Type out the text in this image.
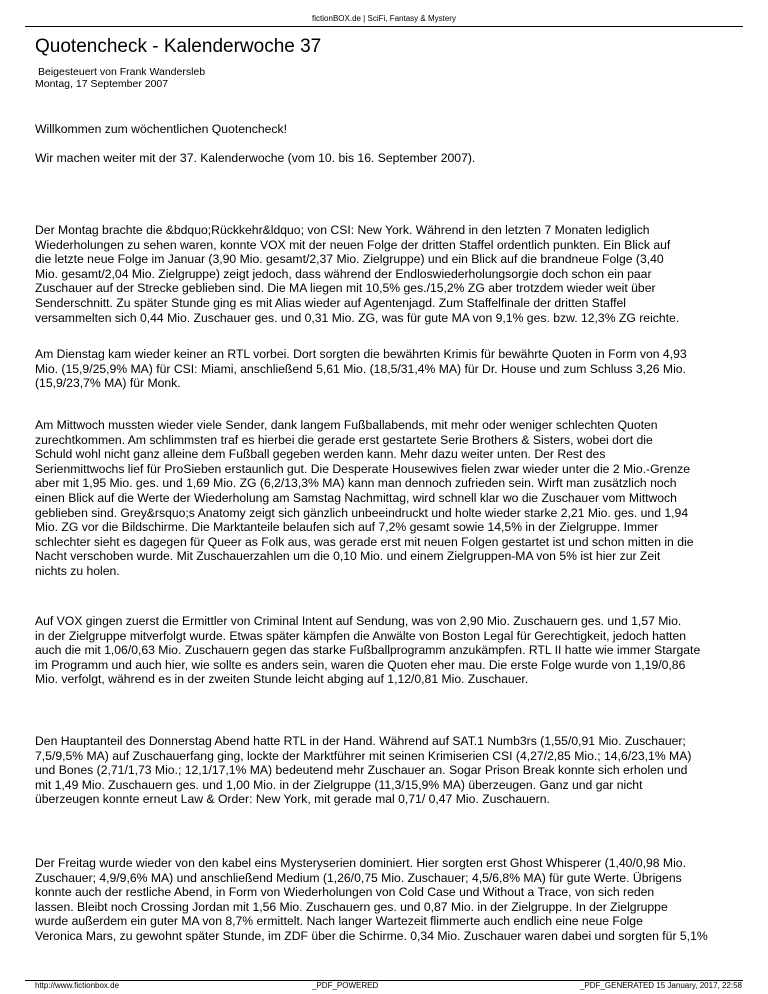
fictionBOX.de | SciFi, Fantasy & Mystery
Quotencheck - Kalenderwoche 37
Beigesteuert von Frank Wandersleb
Montag, 17 September 2007

Willkommen zum wöchentlichen Quotencheck!

Wir machen weiter mit der 37. Kalenderwoche (vom 10. bis 16. September 2007).

Der Montag brachte die &bdquo;Rückkehr&ldquo; von CSI: New York. Während in den letzten 7 Monaten lediglich
Wiederholungen zu sehen waren, konnte VOX mit der neuen Folge der dritten Staffel ordentlich punkten. Ein Blick auf
die letzte neue Folge im Januar (3,90 Mio. gesamt/2,37 Mio. Zielgruppe) und ein Blick auf die brandneue Folge (3,40
Mio. gesamt/2,04 Mio. Zielgruppe) zeigt jedoch, dass während der Endloswiederholungsorgie doch schon ein paar
Zuschauer auf der Strecke geblieben sind. Die MA liegen mit 10,5% ges./15,2% ZG aber trotzdem wieder weit über
Senderschnitt. Zu später Stunde ging es mit Alias wieder auf Agentenjagd. Zum Staffelfinale der dritten Staffel
versammelten sich 0,44 Mio. Zuschauer ges. und 0,31 Mio. ZG, was für gute MA von 9,1% ges. bzw. 12,3% ZG reichte.
Am Dienstag kam wieder keiner an RTL vorbei. Dort sorgten die bewährten Krimis für bewährte Quoten in Form von 4,93
Mio. (15,9/25,9% MA) für CSI: Miami, anschließend 5,61 Mio. (18,5/31,4% MA) für Dr. House und zum Schluss 3,26 Mio.
(15,9/23,7% MA) für Monk.
Am Mittwoch mussten wieder viele Sender, dank langem Fußballabends, mit mehr oder weniger schlechten Quoten
zurechtkommen. Am schlimmsten traf es hierbei die gerade erst gestartete Serie Brothers & Sisters, wobei dort die
Schuld wohl nicht ganz alleine dem Fußball gegeben werden kann. Mehr dazu weiter unten. Der Rest des
Serienmittwochs lief für ProSieben erstaunlich gut. Die Desperate Housewives fielen zwar wieder unter die 2 Mio.-Grenze
aber mit 1,95 Mio. ges. und 1,69 Mio. ZG (6,2/13,3% MA) kann man dennoch zufrieden sein. Wirft man zusätzlich noch
einen Blick auf die Werte der Wiederholung am Samstag Nachmittag, wird schnell klar wo die Zuschauer vom Mittwoch
geblieben sind. Grey&rsquo;s Anatomy zeigt sich gänzlich unbeeindruckt und holte wieder starke 2,21 Mio. ges. und 1,94
Mio. ZG vor die Bildschirme. Die Marktanteile belaufen sich auf 7,2% gesamt sowie 14,5% in der Zielgruppe. Immer
schlechter sieht es dagegen für Queer as Folk aus, was gerade erst mit neuen Folgen gestartet ist und schon mitten in die
Nacht verschoben wurde. Mit Zuschauerzahlen um die 0,10 Mio. und einem Zielgruppen-MA von 5% ist hier zur Zeit
nichts zu holen.
Auf VOX gingen zuerst die Ermittler von Criminal Intent auf Sendung, was von 2,90 Mio. Zuschauern ges. und 1,57 Mio.
in der Zielgruppe mitverfolgt wurde. Etwas später kämpfen die Anwälte von Boston Legal für Gerechtigkeit, jedoch hatten
auch die mit 1,06/0,63 Mio. Zuschauern gegen das starke Fußballprogramm anzukämpfen. RTL II hatte wie immer Stargate
im Programm und auch hier, wie sollte es anders sein, waren die Quoten eher mau. Die erste Folge wurde von 1,19/0,86
Mio. verfolgt, während es in der zweiten Stunde leicht abging auf 1,12/0,81 Mio. Zuschauer.
Den Hauptanteil des Donnerstag Abend hatte RTL in der Hand. Während auf SAT.1 Numb3rs (1,55/0,91 Mio. Zuschauer;
7,5/9,5% MA) auf Zuschauerfang ging, lockte der Marktführer mit seinen Krimiserien CSI (4,27/2,85 Mio.; 14,6/23,1% MA)
und Bones (2,71/1,73 Mio.; 12,1/17,1% MA) bedeutend mehr Zuschauer an. Sogar Prison Break konnte sich erholen und
mit 1,49 Mio. Zuschauern ges. und 1,00 Mio. in der Zielgruppe (11,3/15,9% MA) überzeugen. Ganz und gar nicht
überzeugen konnte erneut Law & Order: New York, mit gerade mal 0,71/ 0,47 Mio. Zuschauern.
Der Freitag wurde wieder von den kabel eins Mysteryserien dominiert. Hier sorgten erst Ghost Whisperer (1,40/0,98 Mio.
Zuschauer; 4,9/9,6% MA) und anschließend Medium (1,26/0,75 Mio. Zuschauer; 4,5/6,8% MA) für gute Werte. Übrigens
konnte auch der restliche Abend, in Form von Wiederholungen von Cold Case und Without a Trace, von sich reden
lassen. Bleibt noch Crossing Jordan mit 1,56 Mio. Zuschauern ges. und 0,87 Mio. in der Zielgruppe. In der Zielgruppe
wurde außerdem ein guter MA von 8,7% ermittelt. Nach langer Wartezeit flimmerte auch endlich eine neue Folge
Veronica Mars, zu gewohnt später Stunde, im ZDF über die Schirme. 0,34 Mio. Zuschauer waren dabei und sorgten für 5,1%
http://www.fictionbox.de	_PDF_POWERED	_PDF_GENERATED 15 January, 2017, 22:58
